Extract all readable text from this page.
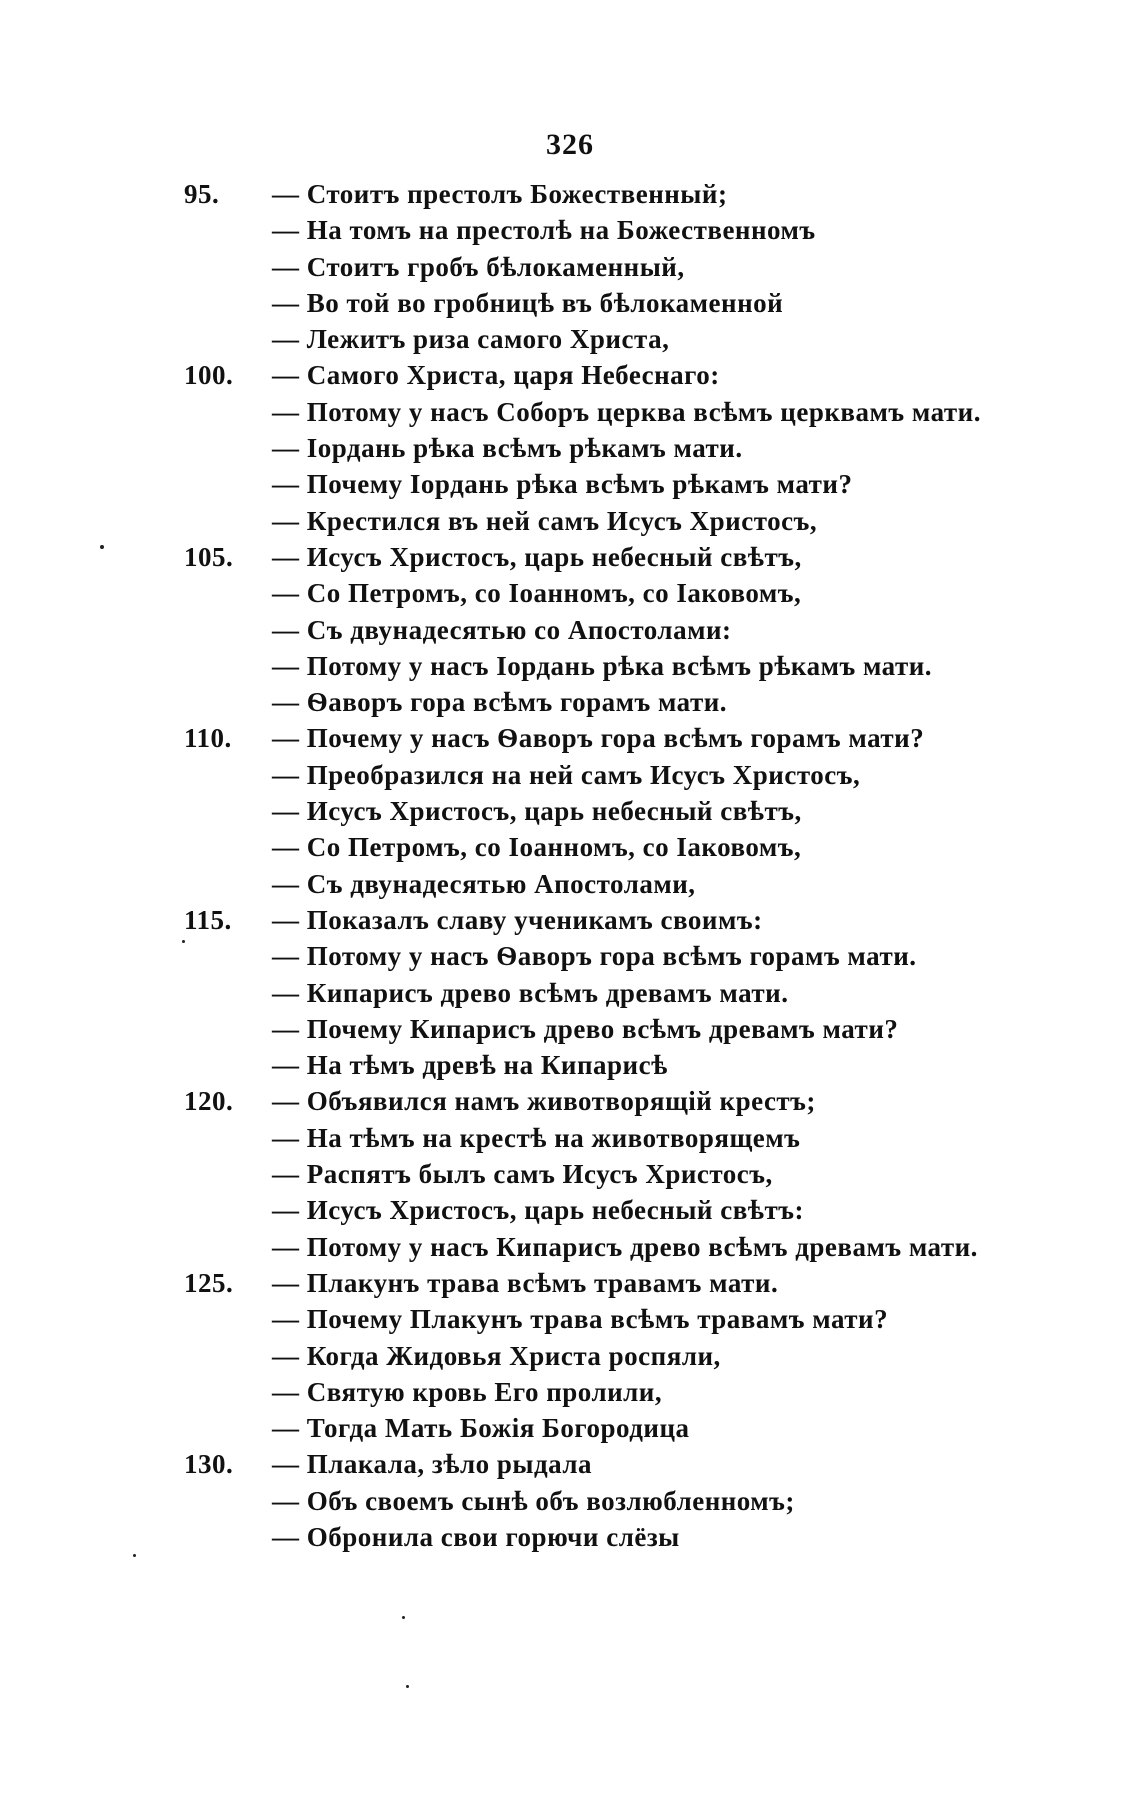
326
95. — Стоитъ престолъ Божественный;
— На томъ на престолѣ на Божественномъ
— Стоитъ гробъ бѣлокаменный,
— Во той во гробницѣ въ бѣлокаменной
— Лежитъ риза самого Христа,
100. — Самого Христа, царя Небеснаго:
— Потому у насъ Соборъ церква всѣмъ церквамъ мати.
— Іордань рѣка всѣмъ рѣкамъ мати.
— Почему Іордань рѣка всѣмъ рѣкамъ мати?
— Крестился въ ней самъ Исусъ Христосъ,
105. — Исусъ Христосъ, царь небесный свѣтъ,
— Со Петромъ, со Іоанномъ, со Іаковомъ,
— Съ двунадесятью со Апостолами:
— Потому у насъ Іордань рѣка всѣмъ рѣкамъ мати.
— Ѳаворъ гора всѣмъ горамъ мати.
110. — Почему у насъ Ѳаворъ гора всѣмъ горамъ мати?
— Преобразился на ней самъ Исусъ Христосъ,
— Исусъ Христосъ, царь небесный свѣтъ,
— Со Петромъ, со Іоанномъ, со Іаковомъ,
— Съ двунадесятью Апостолами,
115. — Показалъ славу ученикамъ своимъ:
— Потому у насъ Ѳаворъ гора всѣмъ горамъ мати.
— Кипарисъ древо всѣмъ древамъ мати.
— Почему Кипарисъ древо всѣмъ древамъ мати?
— На тѣмъ древѣ на Кипарисѣ
120. — Объявился намъ животворящій крестъ;
— На тѣмъ на крестѣ на животворящемъ
— Распятъ былъ самъ Исусъ Христосъ,
— Исусъ Христосъ, царь небесный свѣтъ:
— Потому у насъ Кипарисъ древо всѣмъ древамъ мати.
125. — Плакунъ трава всѣмъ травамъ мати.
— Почему Плакунъ трава всѣмъ травамъ мати?
— Когда Жидовья Христа роспяли,
— Святую кровь Его пролили,
— Тогда Мать Божія Богородица
130. — Плакала, зѣло рыдала
— Объ своемъ сынѣ объ возлюбленномъ;
— Обронила свои горючи слёзы
